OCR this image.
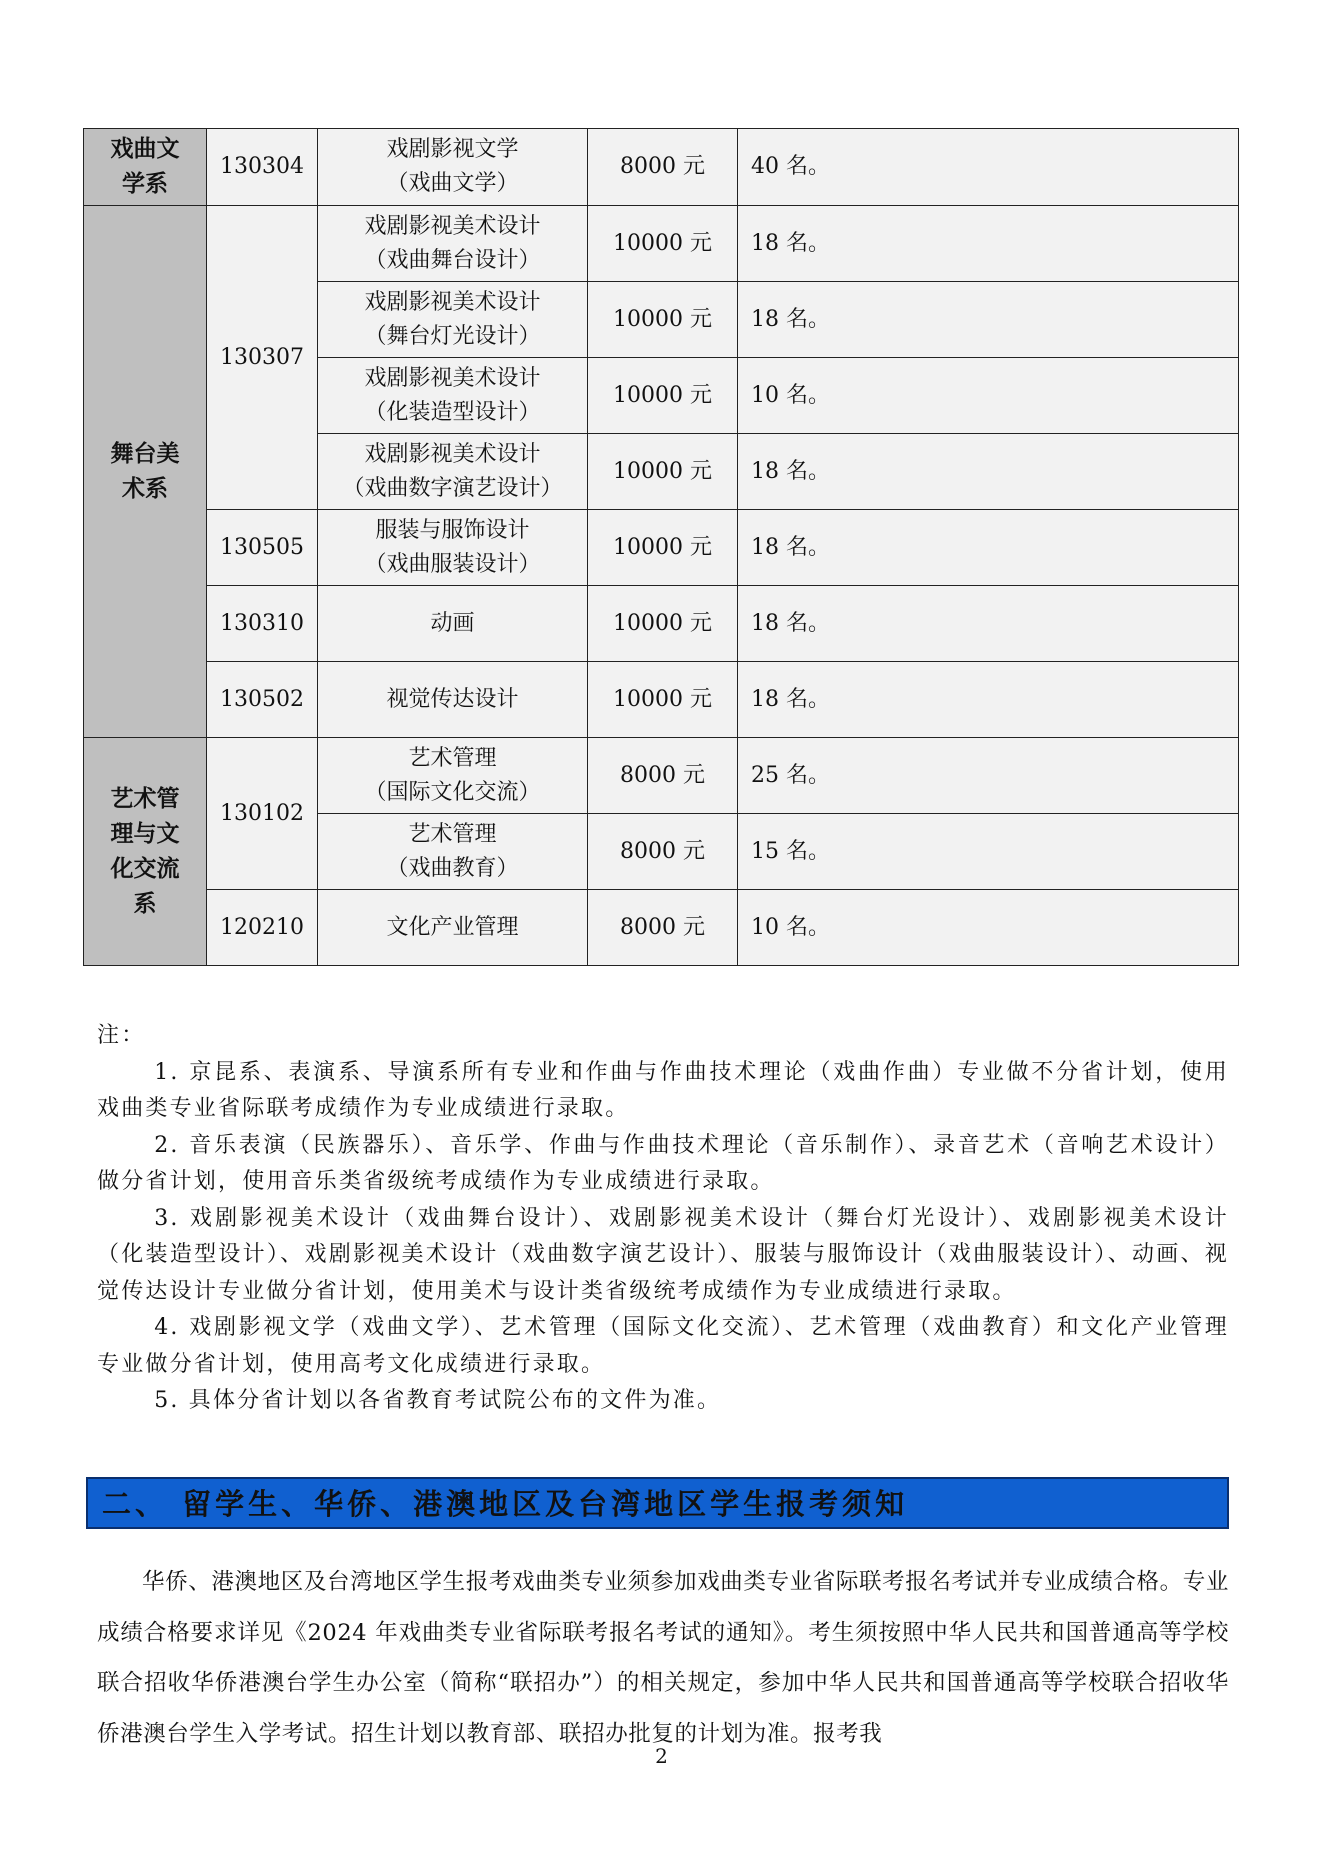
戏曲文学系	130304	戏剧影视文学
（戏曲文学）	8000 元	40 名。
舞台美术系	130307	戏剧影视美术设计
（戏曲舞台设计）	10000 元	18 名。

		戏剧影视美术设计
（舞台灯光设计）	10000 元	18 名。

		戏剧影视美术设计
（化装造型设计）	10000 元	10 名。

		戏剧影视美术设计
（戏曲数字演艺设计）	10000 元	18 名。
	130505	服装与服饰设计
（戏曲服装设计）	10000 元	18 名。
	130310	动画	10000 元	18 名。
	130502	视觉传达设计	10000 元	18 名。
艺术管理与文化交流系	130102	艺术管理
（国际文化交流）	8000 元	25 名。

		艺术管理
（戏曲教育）	8000 元	15 名。
	120210	文化产业管理	8000 元	10 名。

注：

1. 京昆系、表演系、导演系所有专业和作曲与作曲技术理论（戏曲作曲）专业做不分省计划，使用戏曲类专业省际联考成绩作为专业成绩进行录取。

2. 音乐表演（民族器乐）、音乐学、作曲与作曲技术理论（音乐制作）、录音艺术（音响艺术设计）做分省计划，使用音乐类省级统考成绩作为专业成绩进行录取。

3. 戏剧影视美术设计（戏曲舞台设计）、戏剧影视美术设计（舞台灯光设计）、戏剧影视美术设计（化装造型设计）、戏剧影视美术设计（戏曲数字演艺设计）、服装与服饰设计（戏曲服装设计）、动画、视觉传达设计专业做分省计划，使用美术与设计类省级统考成绩作为专业成绩进行录取。

4. 戏剧影视文学（戏曲文学）、艺术管理（国际文化交流）、艺术管理（戏曲教育）和文化产业管理专业做分省计划，使用高考文化成绩进行录取。

5. 具体分省计划以各省教育考试院公布的文件为准。

二、 留学生、华侨、港澳地区及台湾地区学生报考须知

华侨、港澳地区及台湾地区学生报考戏曲类专业须参加戏曲类专业省际联考报名考试并专业成绩合格。专业成绩合格要求详见《2024 年戏曲类专业省际联考报名考试的通知》。考生须按照中华人民共和国普通高等学校联合招收华侨港澳台学生办公室（简称“联招办”）的相关规定，参加中华人民共和国普通高等学校联合招收华侨港澳台学生入学考试。招生计划以教育部、联招办批复的计划为准。报考我

2
